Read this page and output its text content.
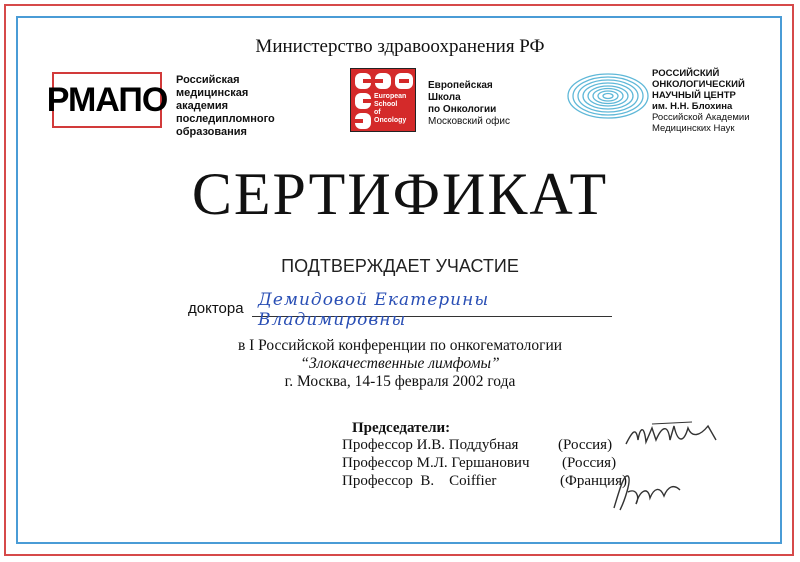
Министерство здравоохранения РФ
РМАПО
Российская
медицинская
академия
последипломного
образования
European
School
of
Oncology
Европейская
Школа
по Онкологии
Московский офис
РОССИЙСКИЙ
ОНКОЛОГИЧЕСКИЙ
НАУЧНЫЙ ЦЕНТР
им. Н.Н. Блохина
Российской Академии
Медицинских Наук
СЕРТИФИКАТ
ПОДТВЕРЖДАЕТ УЧАСТИЕ
доктора Демидовой Екатерины Владимировны
в I Российской конференции по онкогематологии
“Злокачественные лимфомы”
г. Москва, 14-15 февраля 2002 года
Председатели:
Профессор И.В. Поддубная	(Россия)
Профессор М.Л. Гершанович (Россия)
Профессор  В.    Coiffier	(Франция)
